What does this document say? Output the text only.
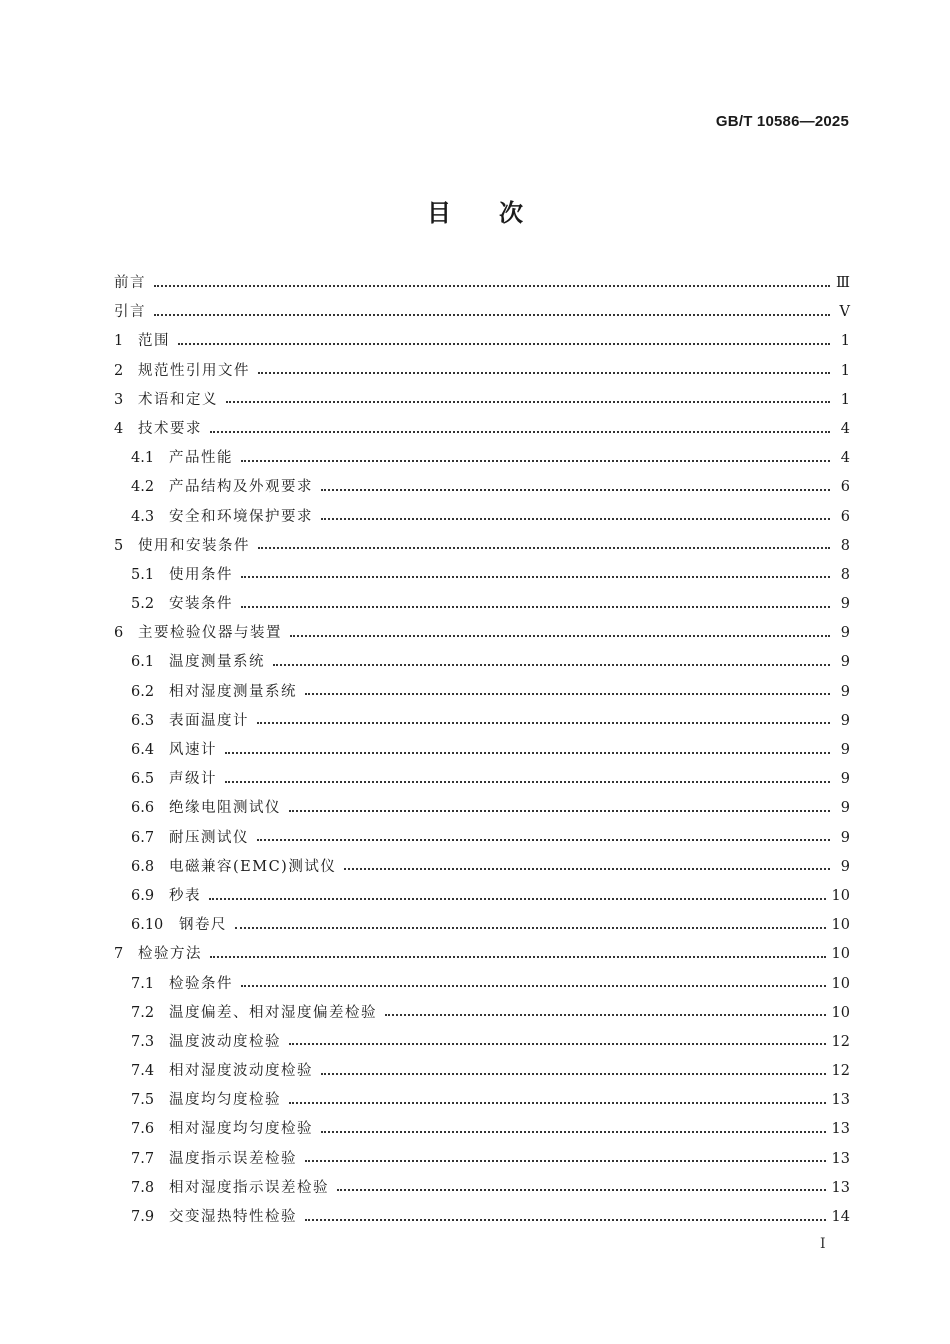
GB/T 10586—2025
目次
前言	Ⅲ
引言	Ⅴ
1	范围	1
2	规范性引用文件	1
3	术语和定义	1
4	技术要求	4
4.1	产品性能	4
4.2	产品结构及外观要求	6
4.3	安全和环境保护要求	6
5	使用和安装条件	8
5.1	使用条件	8
5.2	安装条件	9
6	主要检验仪器与装置	9
6.1	温度测量系统	9
6.2	相对湿度测量系统	9
6.3	表面温度计	9
6.4	风速计	9
6.5	声级计	9
6.6	绝缘电阻测试仪	9
6.7	耐压测试仪	9
6.8	电磁兼容(EMC)测试仪	9
6.9	秒表	10
6.10	钢卷尺	10
7	检验方法	10
7.1	检验条件	10
7.2	温度偏差、相对湿度偏差检验	10
7.3	温度波动度检验	12
7.4	相对湿度波动度检验	12
7.5	温度均匀度检验	13
7.6	相对湿度均匀度检验	13
7.7	温度指示误差检验	13
7.8	相对湿度指示误差检验	13
7.9	交变湿热特性检验	14
Ⅰ
